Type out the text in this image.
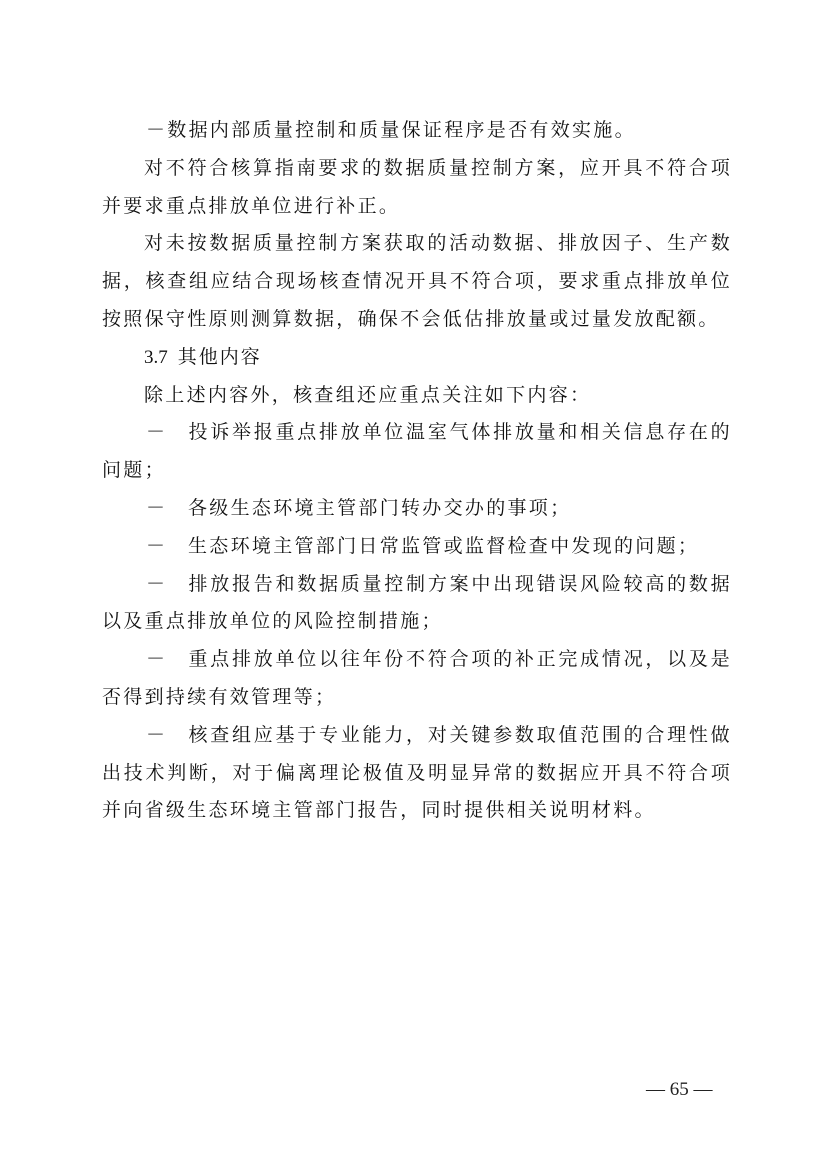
－数据内部质量控制和质量保证程序是否有效实施。

对不符合核算指南要求的数据质量控制方案，应开具不符合项并要求重点排放单位进行补正。

对未按数据质量控制方案获取的活动数据、排放因子、生产数据，核查组应结合现场核查情况开具不符合项，要求重点排放单位按照保守性原则测算数据，确保不会低估排放量或过量发放配额。

3.7 其他内容

除上述内容外，核查组还应重点关注如下内容：

－ 投诉举报重点排放单位温室气体排放量和相关信息存在的问题；

－ 各级生态环境主管部门转办交办的事项；

－ 生态环境主管部门日常监管或监督检查中发现的问题；

－ 排放报告和数据质量控制方案中出现错误风险较高的数据以及重点排放单位的风险控制措施；

－ 重点排放单位以往年份不符合项的补正完成情况，以及是否得到持续有效管理等；

－ 核查组应基于专业能力，对关键参数取值范围的合理性做出技术判断，对于偏离理论极值及明显异常的数据应开具不符合项并向省级生态环境主管部门报告，同时提供相关说明材料。

— 65 —
